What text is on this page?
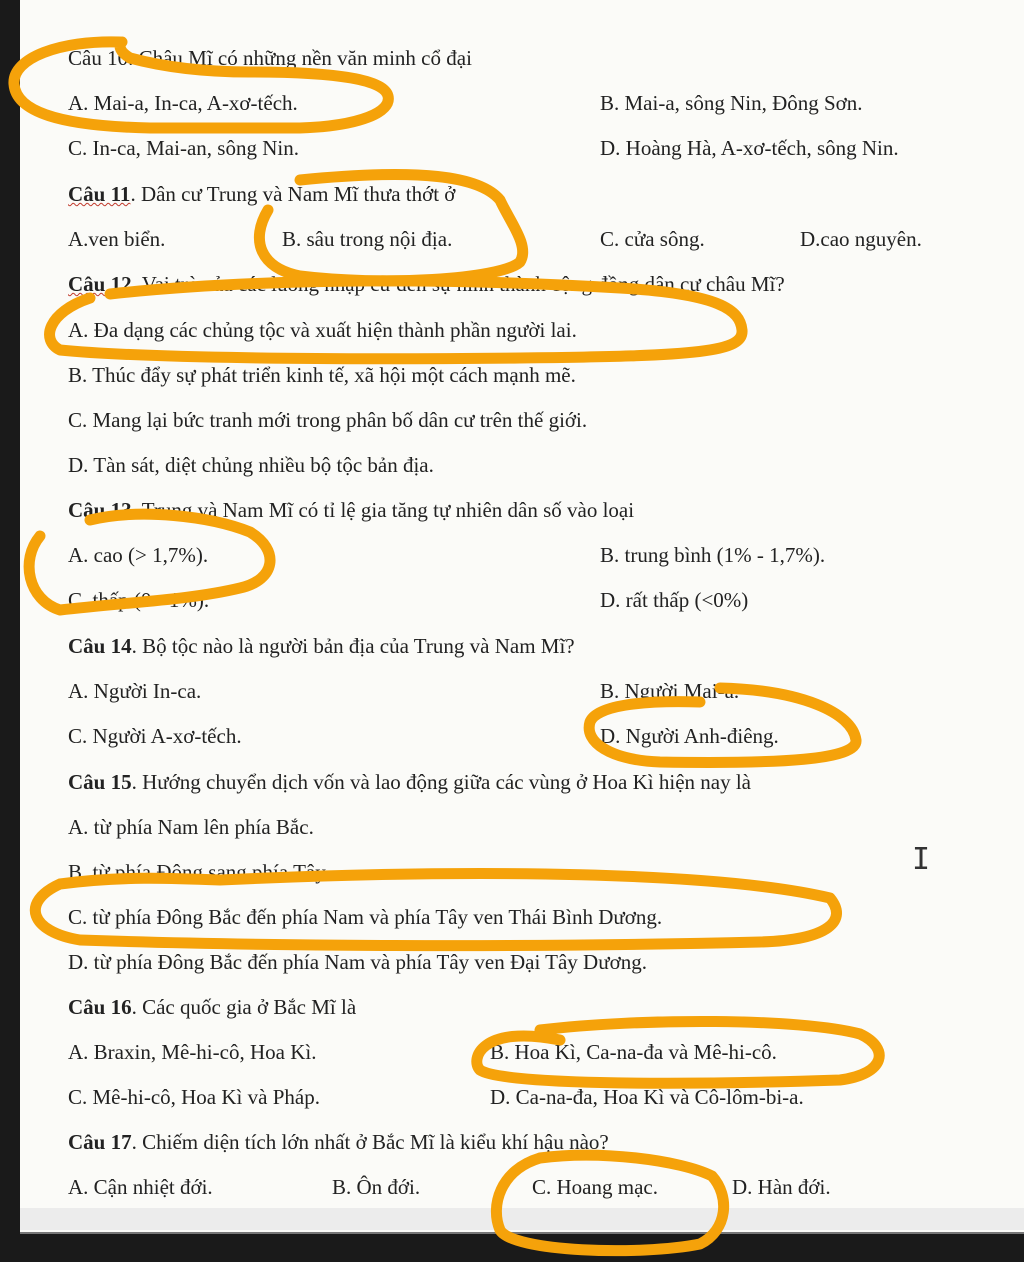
Câu 10. Châu Mĩ có những nền văn minh cổ đại
A. Mai-a, In-ca, A-xơ-tếch.	B. Mai-a, sông Nin, Đông Sơn.
C. In-ca, Mai-an, sông Nin.	D. Hoàng Hà, A-xơ-tếch, sông Nin.
Câu 11. Dân cư Trung và Nam Mĩ thưa thớt ở
A.ven biển.	B. sâu trong nội địa.	C. cửa sông.	D.cao nguyên.
Câu 12. Vai trò của các luồng nhập cư đến sự hình thành cộng đồng dân cư châu Mĩ?
A. Đa dạng các chủng tộc và xuất hiện thành phần người lai.
B. Thúc đẩy sự phát triển kinh tế, xã hội một cách mạnh mẽ.
C. Mang lại bức tranh mới trong phân bố dân cư trên thế giới.
D. Tàn sát, diệt chủng nhiều bộ tộc bản địa.
Câu 13. Trung và Nam Mĩ có tỉ lệ gia tăng tự nhiên dân số vào loại
A. cao (> 1,7%).	B. trung bình (1% - 1,7%).
C. thấp (0 - 1%).	D. rất thấp (<0%)
Câu 14. Bộ tộc nào là người bản địa của Trung và Nam Mĩ?
A. Người In-ca.	B. Người Mai-a.
C. Người A-xơ-tếch.	D. Người Anh-điêng.
Câu 15. Hướng chuyển dịch vốn và lao động giữa các vùng ở Hoa Kì hiện nay là
A. từ phía Nam lên phía Bắc.
B. từ phía Đông sang phía Tây.
C. từ phía Đông Bắc đến phía Nam và phía Tây ven Thái Bình Dương.
D. từ phía Đông Bắc đến phía Nam và phía Tây ven Đại Tây Dương.
Câu 16. Các quốc gia ở Bắc Mĩ là
A. Braxin, Mê-hi-cô, Hoa Kì.	B. Hoa Kì, Ca-na-đa và Mê-hi-cô.
C. Mê-hi-cô, Hoa Kì và Pháp.	D. Ca-na-đa, Hoa Kì và Cô-lôm-bi-a.
Câu 17. Chiếm diện tích lớn nhất ở Bắc Mĩ là kiểu khí hậu nào?
A. Cận nhiệt đới.	B. Ôn đới.	C. Hoang mạc.	D. Hàn đới.
I
